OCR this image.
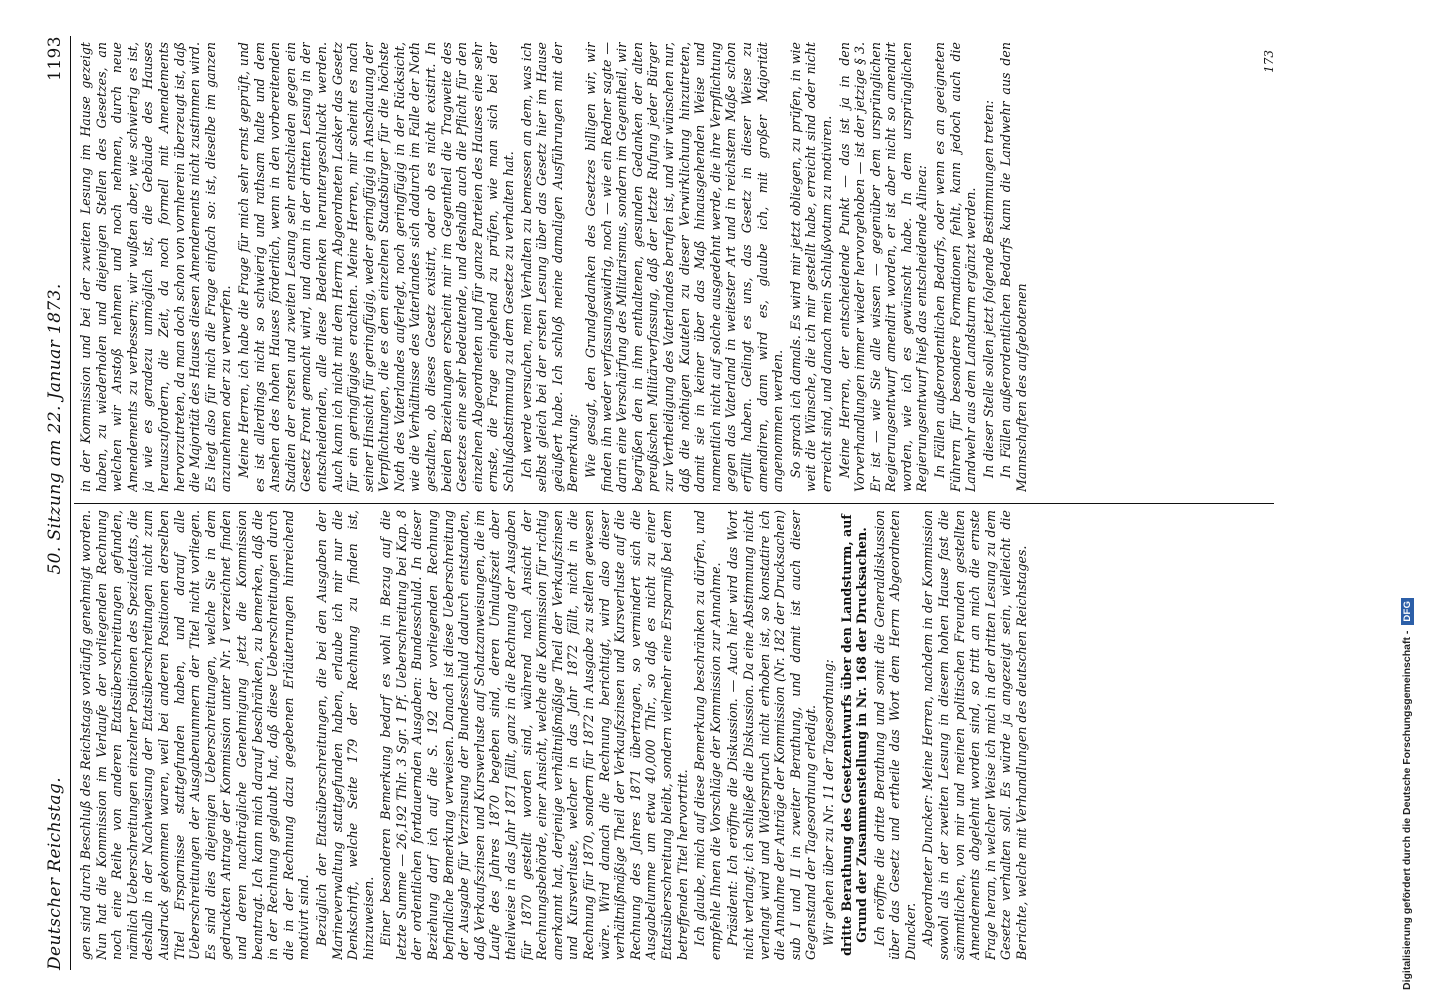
Deutscher Reichstag.
50. Sitzung am 22. Januar 1873.
1193

gen sind durch Beschluß des Reichstags vorläufig genehmigt worden. Nun hat die Kommission im Verlaufe der vorliegenden Rechnung noch eine Reihe von anderen Etatsüberschreitungen gefunden, nämlich Ueberschreitungen einzelner Positionen des Spezialetats, die deshalb in der Nachweisung der Etatsüberschreitungen nicht zum Ausdruck gekommen waren, weil bei anderen Positionen derselben Titel Ersparnisse stattgefunden haben, und darauf alle Ueberschreitungen der Ausgabenummern der Titel nicht vorliegen. Es sind dies diejenigen Ueberschreitungen, welche Sie in dem gedruckten Antrage der Kommission unter Nr. I verzeichnet finden und deren nachträgliche Genehmigung jetzt die Kommission beantragt. Ich kann mich darauf beschränken, zu bemerken, daß die in der Rechnung geglaubt hat, daß diese Ueberschreitungen durch die in der Rechnung dazu gegebenen Erläuterungen hinreichend motivirt sind. Bezüglich der Etatsüberschreitungen, die bei den Ausgaben der Marineverwaltung stattgefunden haben, erlaube ich mir nur die Denkschrift, welche Seite 179 der Rechnung zu finden ist, hinzuweisen. Einer besonderen Bemerkung bedarf es wohl in Bezug auf die letzte Summe — 26,192 Thlr. 3 Sgr. 1 Pf. Ueberschreitung bei Kap. 8 der ordentlichen fortdauernden Ausgaben: Bundesschuld. In dieser Beziehung darf ich auf die S. 192 der vorliegenden Rechnung befindliche Bemerkung verweisen. Danach ist diese Ueberschreitung der Ausgabe für Verzinsung der Bundesschuld dadurch entstanden, daß Verkaufszinsen und Kurswerluste auf Schatzanweisungen, die im Laufe des Jahres 1870 begeben sind, deren Umlaufszeit aber theilweise in das Jahr 1871 fällt, ganz in die Rechnung der Ausgaben für 1870 gestellt worden sind, während nach Ansicht der Rechnungsbehörde, einer Ansicht, welche die Kommission für richtig anerkannt hat, derjenige verhältnißmäßige Theil der Verkaufszinsen und Kursverluste, welcher in das Jahr 1872 fällt, nicht in die Rechnung für 1870, sondern für 1872 in Ausgabe zu stellen gewesen wäre. Wird danach die Rechnung berichtigt, wird also dieser verhältnißmäßige Theil der Verkaufszinsen und Kursverluste auf die Rechnung des Jahres 1871 übertragen, so vermindert sich die Ausgabelumme um etwa 40,000 Thlr., so daß es nicht zu einer Etatsüberschreitung bleibt, sondern vielmehr eine Ersparniß bei dem betreffenden Titel hervortritt. Ich glaube, mich auf diese Bemerkung beschränken zu dürfen, und empfehle Ihnen die Vorschläge der Kommission zur Annahme. Präsident: Ich eröffne die Diskussion. — Auch hier wird das Wort nicht verlangt; ich schließe die Diskussion. Da eine Abstimmung nicht verlangt wird und Widerspruch nicht erhoben ist, so konstatire ich die Annahme der Anträge der Kommission (Nr. 182 der Drucksachen) sub I und II in zweiter Berathung, und damit ist auch dieser Gegenstand der Tagesordnung erledigt. Wir gehen über zu Nr. 11 der Tagesordnung: dritte Berathung des Gesetzentwurfs über den Landsturm, auf Grund der Zusammenstellung in Nr. 168 der Drucksachen. Ich eröffne die dritte Berathung und somit die Generaldiskussion über das Gesetz und ertheile das Wort dem Herrn Abgeordneten Duncker. Abgeordneter Duncker: Meine Herren, nachdem in der Kommission sowohl als in der zweiten Lesung in diesem hohen Hause fast die sämmtlichen, von mir und meinen politischen Freunden gestellten Amendements abgelehnt worden sind, so tritt an mich die ernste Frage heran, in welcher Weise ich mich in der dritten Lesung zu dem Gesetze verhalten soll. Es würde ja angezeigt sein, vielleicht die Berichte, welche mit Verhandlungen des deutschen Reichstages.

in der Kommission und bei der zweiten Lesung im Hause gezeigt haben, zu wiederholen und diejenigen Stellen des Gesetzes, an welchen wir Anstoß nehmen und noch nehmen, durch neue Amendements zu verbessern; wir wußten aber, wie schwierig es ist, ja wie es geradezu unmöglich ist, die Gebäude des Hauses herauszufordern, die Zeit, da noch formell mit Amendements hervorzutreten, da man doch schon von vornherein überzeugt ist, daß die Majorität des Hauses diesen Amendements nicht zustimmen wird. Es liegt also für mich die Frage einfach so: ist, dieselbe im ganzen anzunehmen oder zu verwerfen. Meine Herren, ich habe die Frage für mich sehr ernst geprüft, und es ist allerdings nicht so schwierig und rathsam halte und dem Ansehen des hohen Hauses förderlich, wenn in den vorbereitenden Stadien der ersten und zweiten Lesung sehr entschieden gegen ein Gesetz Front gemacht wird, und dann in der dritten Lesung in der entscheidenden, alle diese Bedenken heruntergeschluckt werden. Auch kann ich nicht mit dem Herrn Abgeordneten Lasker das Gesetz für ein geringfügiges erachten. Meine Herren, mir scheint es nach seiner Hinsicht für geringfügig, weder geringfügig in Anschauung der Verpflichtungen, die es dem einzelnen Staatsbürger für die höchste Noth des Vaterlandes auferlegt, noch geringfügig in der Rücksicht, wie die Verhältnisse des Vaterlandes sich dadurch im Falle der Noth gestalten, ob dieses Gesetz existirt, oder ob es nicht existirt. In beiden Beziehungen erscheint mir im Gegentheil die Tragweite des Gesetzes eine sehr bedeutende, und deshalb auch die Pflicht für den einzelnen Abgeordneten und für ganze Parteien des Hauses eine sehr ernste, die Frage eingehend zu prüfen, wie man sich bei der Schlußabstimmung zu dem Gesetze zu verhalten hat. Ich werde versuchen, mein Verhalten zu bemessen an dem, was ich selbst gleich bei der ersten Lesung über das Gesetz hier im Hause geäußert habe. Ich schloß meine damaligen Ausführungen mit der Bemerkung: Wie gesagt, den Grundgedanken des Gesetzes billigen wir, wir finden ihn weder verfassungswidrig, noch — wie ein Redner sagte — darin eine Verschärfung des Militarismus, sondern im Gegentheil, wir begrüßen den in ihm enthaltenen, gesunden Gedanken der alten preußischen Militärverfassung, daß der letzte Rufung jeder Bürger zur Vertheidigung des Vaterlandes berufen ist, und wir wünschen nur, daß die nöthigen Kautelen zu dieser Verwirklichung hinzutreten, damit sie in keiner über das Maß hinausgehenden Weise und namentlich nicht auf solche ausgedehnt werde, die ihre Verpflichtung gegen das Vaterland in weitester Art und in reichstem Maße schon erfüllt haben. Gelingt es uns, das Gesetz in dieser Weise zu amendiren, dann wird es, glaube ich, mit großer Majorität angenommen werden. So sprach ich damals. Es wird mir jetzt obliegen, zu prüfen, in wie weit die Wünsche, die ich mir gestellt habe, erreicht sind oder nicht erreicht sind, und danach mein Schlußvotum zu motiviren. Meine Herren, der entscheidende Punkt — das ist ja in den Vorverhandlungen immer wieder hervorgehoben — ist der jetzige § 3. Er ist — wie Sie alle wissen — gegenüber dem ursprünglichen Regierungsentwurf amendirt worden, er ist aber nicht so amendirt worden, wie ich es gewünscht habe. In dem ursprünglichen Regierungsentwurf hieß das entscheidende Alinea: In Fällen außerordentlichen Bedarfs, oder wenn es an geeigneten Führern für besondere Formationen fehlt, kann jedoch auch die Landwehr aus dem Landsturm ergänzt werden. In dieser Stelle sollen jetzt folgende Bestimmungen treten: In Fällen außerordentlichen Bedarfs kann die Landwehr aus den Mannschaften des aufgebotenen

173
Digitalisierung gefördert durch die Deutsche Forschungsgemeinschaft -
DFG
